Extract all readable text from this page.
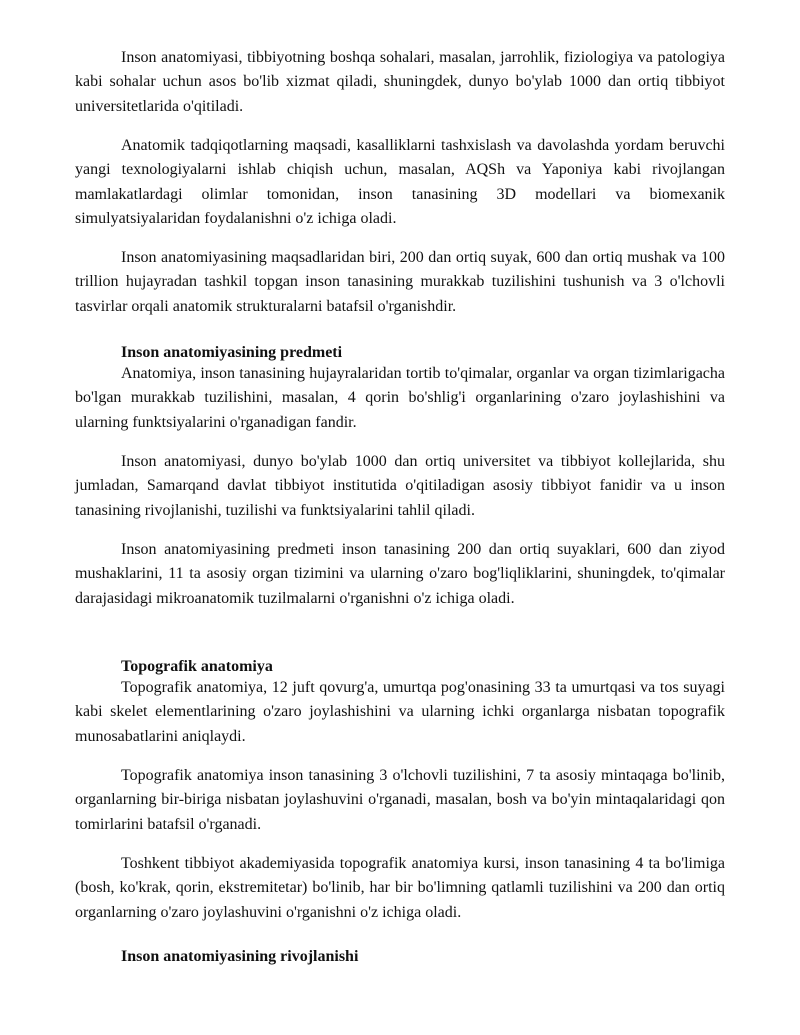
Inson anatomiyasi, tibbiyotning boshqa sohalari, masalan, jarrohlik, fiziologiya va patologiya kabi sohalar uchun asos bo'lib xizmat qiladi, shuningdek, dunyo bo'ylab 1000 dan ortiq tibbiyot universitetlarida o'qitiladi.

Anatomik tadqiqotlarning maqsadi, kasalliklarni tashxislash va davolashda yordam beruvchi yangi texnologiyalarni ishlab chiqish uchun, masalan, AQSh va Yaponiya kabi rivojlangan mamlakatlardagi olimlar tomonidan, inson tanasining 3D modellari va biomexanik simulyatsiyalaridan foydalanishni o'z ichiga oladi.

Inson anatomiyasining maqsadlaridan biri, 200 dan ortiq suyak, 600 dan ortiq mushak va 100 trillion hujayradan tashkil topgan inson tanasining murakkab tuzilishini tushunish va 3 o'lchovli tasvirlar orqali anatomik strukturalarni batafsil o'rganishdir.

Inson anatomiyasining predmeti

Anatomiya, inson tanasining hujayralaridan tortib to'qimalar, organlar va organ tizimlarigacha bo'lgan murakkab tuzilishini, masalan, 4 qorin bo'shlig'i organlarining o'zaro joylashishini va ularning funktsiyalarini o'rganadigan fandir.

Inson anatomiyasi, dunyo bo'ylab 1000 dan ortiq universitet va tibbiyot kollejlarida, shu jumladan, Samarqand davlat tibbiyot institutida o'qitiladigan asosiy tibbiyot fanidir va u inson tanasining rivojlanishi, tuzilishi va funktsiyalarini tahlil qiladi.

Inson anatomiyasining predmeti inson tanasining 200 dan ortiq suyaklari, 600 dan ziyod mushaklarini, 11 ta asosiy organ tizimini va ularning o'zaro bog'liqliklarini, shuningdek, to'qimalar darajasidagi mikroanatomik tuzilmalarni o'rganishni o'z ichiga oladi.

Topografik anatomiya

Topografik anatomiya, 12 juft qovurg'a, umurtqa pog'onasining 33 ta umurtqasi va tos suyagi kabi skelet elementlarining o'zaro joylashishini va ularning ichki organlarga nisbatan topografik munosabatlarini aniqlaydi.

Topografik anatomiya inson tanasining 3 o'lchovli tuzilishini, 7 ta asosiy mintaqaga bo'linib, organlarning bir-biriga nisbatan joylashuvini o'rganadi, masalan, bosh va bo'yin mintaqalaridagi qon tomirlarini batafsil o'rganadi.

Toshkent tibbiyot akademiyasida topografik anatomiya kursi, inson tanasining 4 ta bo'limiga (bosh, ko'krak, qorin, ekstremitetar) bo'linib, har bir bo'limning qatlamli tuzilishini va 200 dan ortiq organlarning o'zaro joylashuvini o'rganishni o'z ichiga oladi.

Inson anatomiyasining rivojlanishi
